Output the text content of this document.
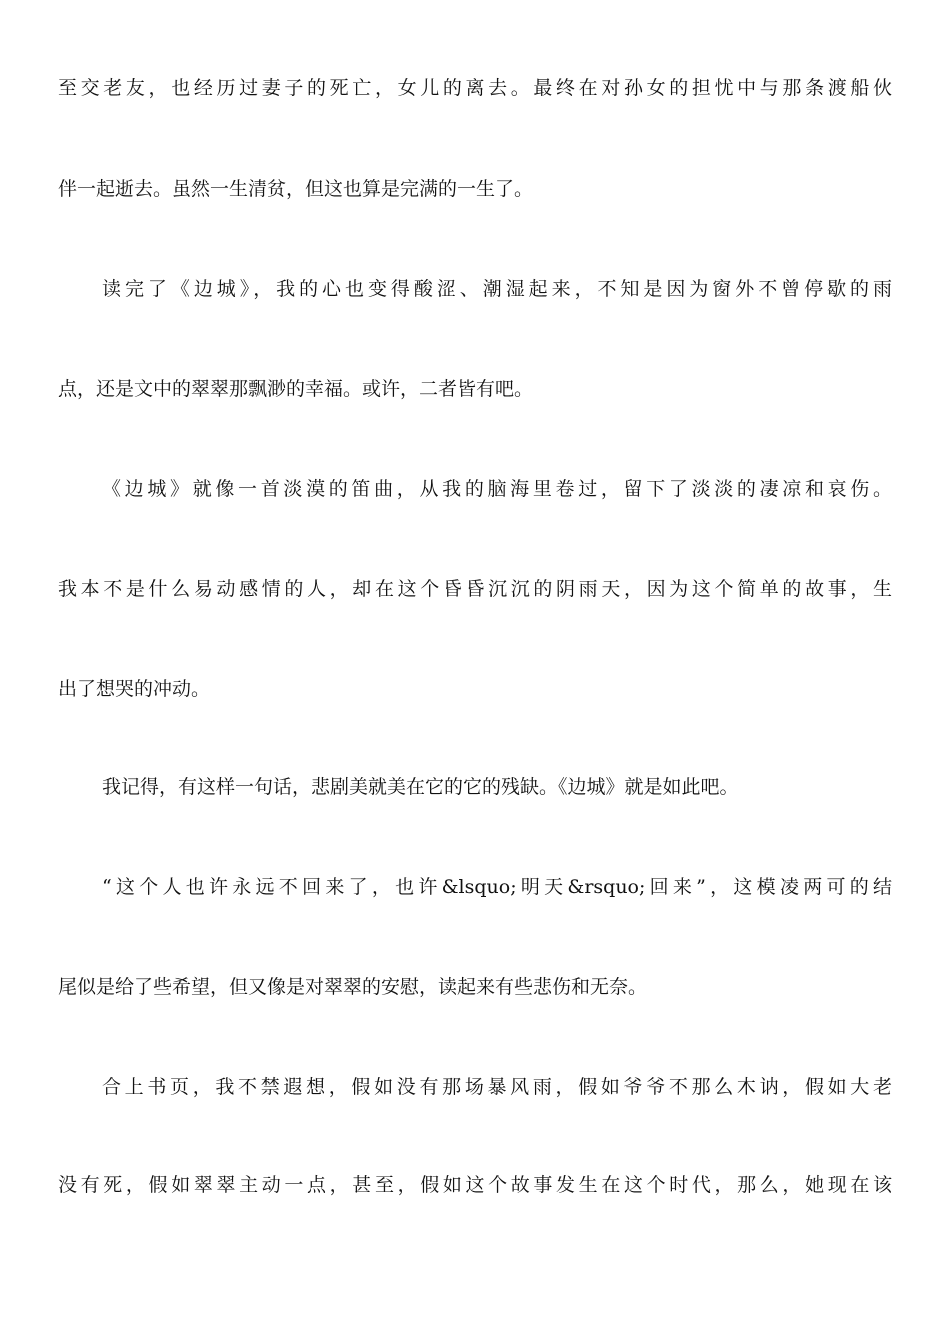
至交老友，也经历过妻子的死亡，女儿的离去。最终在对孙女的担忧中与那条渡船伙
伴一起逝去。虽然一生清贫，但这也算是完满的一生了。
读完了《边城》，我的心也变得酸涩、潮湿起来，不知是因为窗外不曾停歇的雨
点，还是文中的翠翠那飘渺的幸福。或许，二者皆有吧。
《边城》就像一首淡漠的笛曲，从我的脑海里卷过，留下了淡淡的凄凉和哀伤。
我本不是什么易动感情的人，却在这个昏昏沉沉的阴雨天，因为这个简单的故事，生
出了想哭的冲动。
我记得，有这样一句话，悲剧美就美在它的它的残缺。《边城》就是如此吧。
“这个人也许永远不回来了，也许&lsquo;明天&rsquo;回来”，这模凌两可的结
尾似是给了些希望，但又像是对翠翠的安慰，读起来有些悲伤和无奈。
合上书页，我不禁遐想，假如没有那场暴风雨，假如爷爷不那么木讷，假如大老
没有死，假如翠翠主动一点，甚至，假如这个故事发生在这个时代，那么，她现在该
